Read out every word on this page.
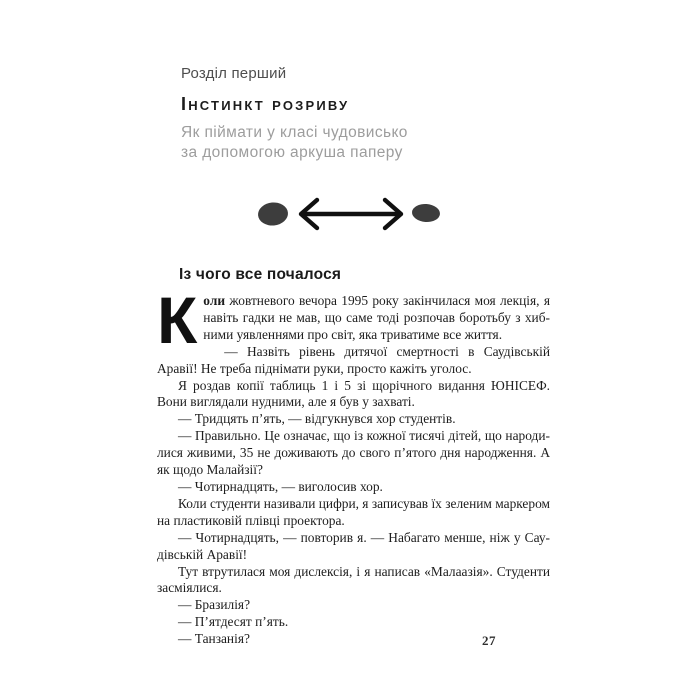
Розділ перший
Інстинкт розриву
Як піймати у класі чудовисько
за допомогою аркуша паперу
Із чого все почалося

Коли жовтневого вечора 1995 року закінчилася моя лекція, я навіть гадки не мав, що саме тоді розпочав боротьбу з хибними уявленнями про світ, яка триватиме все життя.

— Назвіть рівень дитячої смертності в Саудівській Аравії! Не треба піднімати руки, просто кажіть уголос.

Я роздав копії таблиць 1 і 5 зі щорічного видання ЮНІСЕФ. Вони виглядали нудними, але я був у захваті.

— Тридцять п’ять, — відгукнувся хор студентів.

— Правильно. Це означає, що із кожної тисячі дітей, що народилися живими, 35 не доживають до свого п’ятого дня народження. А як щодо Малайзії?

— Чотирнадцять, — виголосив хор.

Коли студенти називали цифри, я записував їх зеленим маркером на пластиковій плівці проектора.

— Чотирнадцять, — повторив я. — Набагато менше, ніж у Саудівській Аравії!

Тут втрутилася моя дислексія, і я написав «Малаазія». Студенти засміялися.

— Бразилія?

— П’ятдесят п’ять.

— Танзанія?	27
